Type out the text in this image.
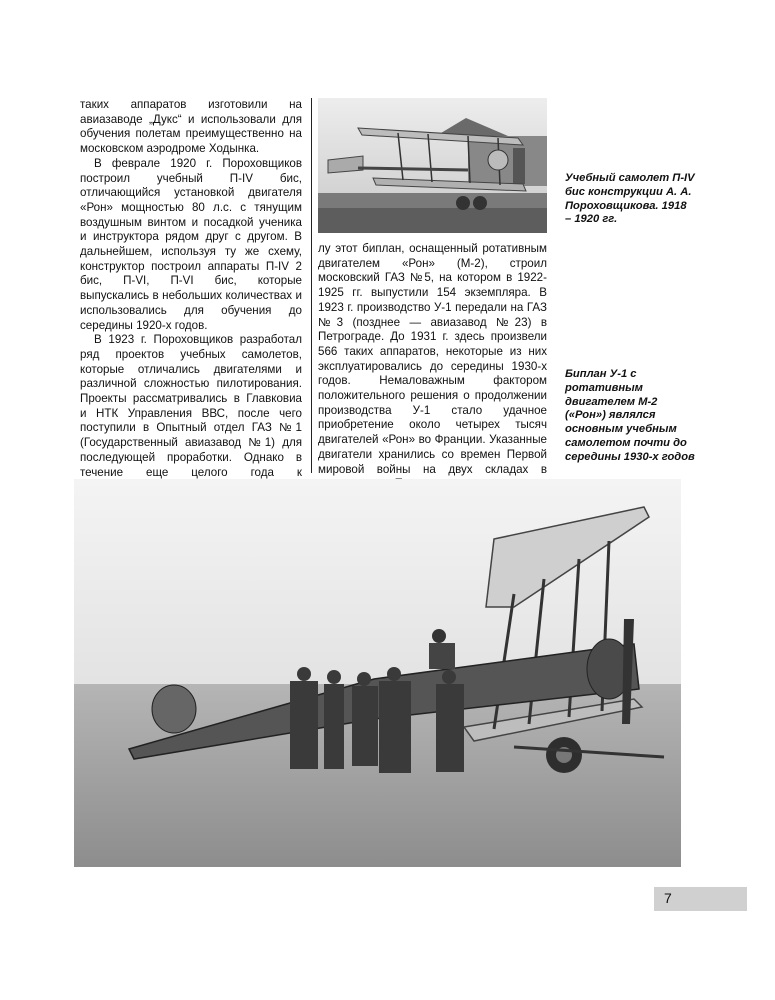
таких аппаратов изготовили на авиазаводе „Дукс“ и использовали для обучения полетам преимущественно на московском аэродроме Ходынка.

В феврале 1920 г. Пороховщиков построил учебный П-IV бис, отличающийся установкой двигателя «Рон» мощностью 80 л.с. с тянущим воздушным винтом и посадкой ученика и инструктора рядом друг с другом. В дальнейшем, используя ту же схему, конструктор построил аппараты П-IV 2 бис, П-VI, П-VI бис, которые выпускались в небольших количествах и использовались для обучения до середины 1920-х годов.

В 1923 г. Пороховщиков разработал ряд проектов учебных самолетов, которые отличались двигателями и различной сложностью пилотирования. Проекты рассматривались в Главковиа и НТК Управления ВВС, после чего поступили в Опытный отдел ГАЗ №1 (Государственный авиазавод №1) для последующей проработки. Однако в течение еще целого года к

лу этот биплан, оснащенный ротативным двигателем «Рон» (М-2), строил московский ГАЗ №5, на котором в 1922-1925 гг. выпустили 154 экземпляра. В 1923 г. производство У-1 передали на ГАЗ №3 (позднее — авиазавод №23) в Петрограде. До 1931 г. здесь произвели 566 таких аппаратов, некоторые из них эксплуатировались до середины 1930-х годов. Немаловажным фактором положительного решения о продолжении производства У-1 стало удачное приобретение около четырех тысяч двигателей «Рон» во Франции. Указанные двигатели хранились со времен Первой мировой войны на двух складах в

Учебный самолет П-IV бис конструкции А. А. Пороховщикова. 1918 – 1920 гг.
Биплан У-1 с ротативным двигателем М-2 («Рон») являлся основным учебным самолетом почти до середины 1930-х годов
7
